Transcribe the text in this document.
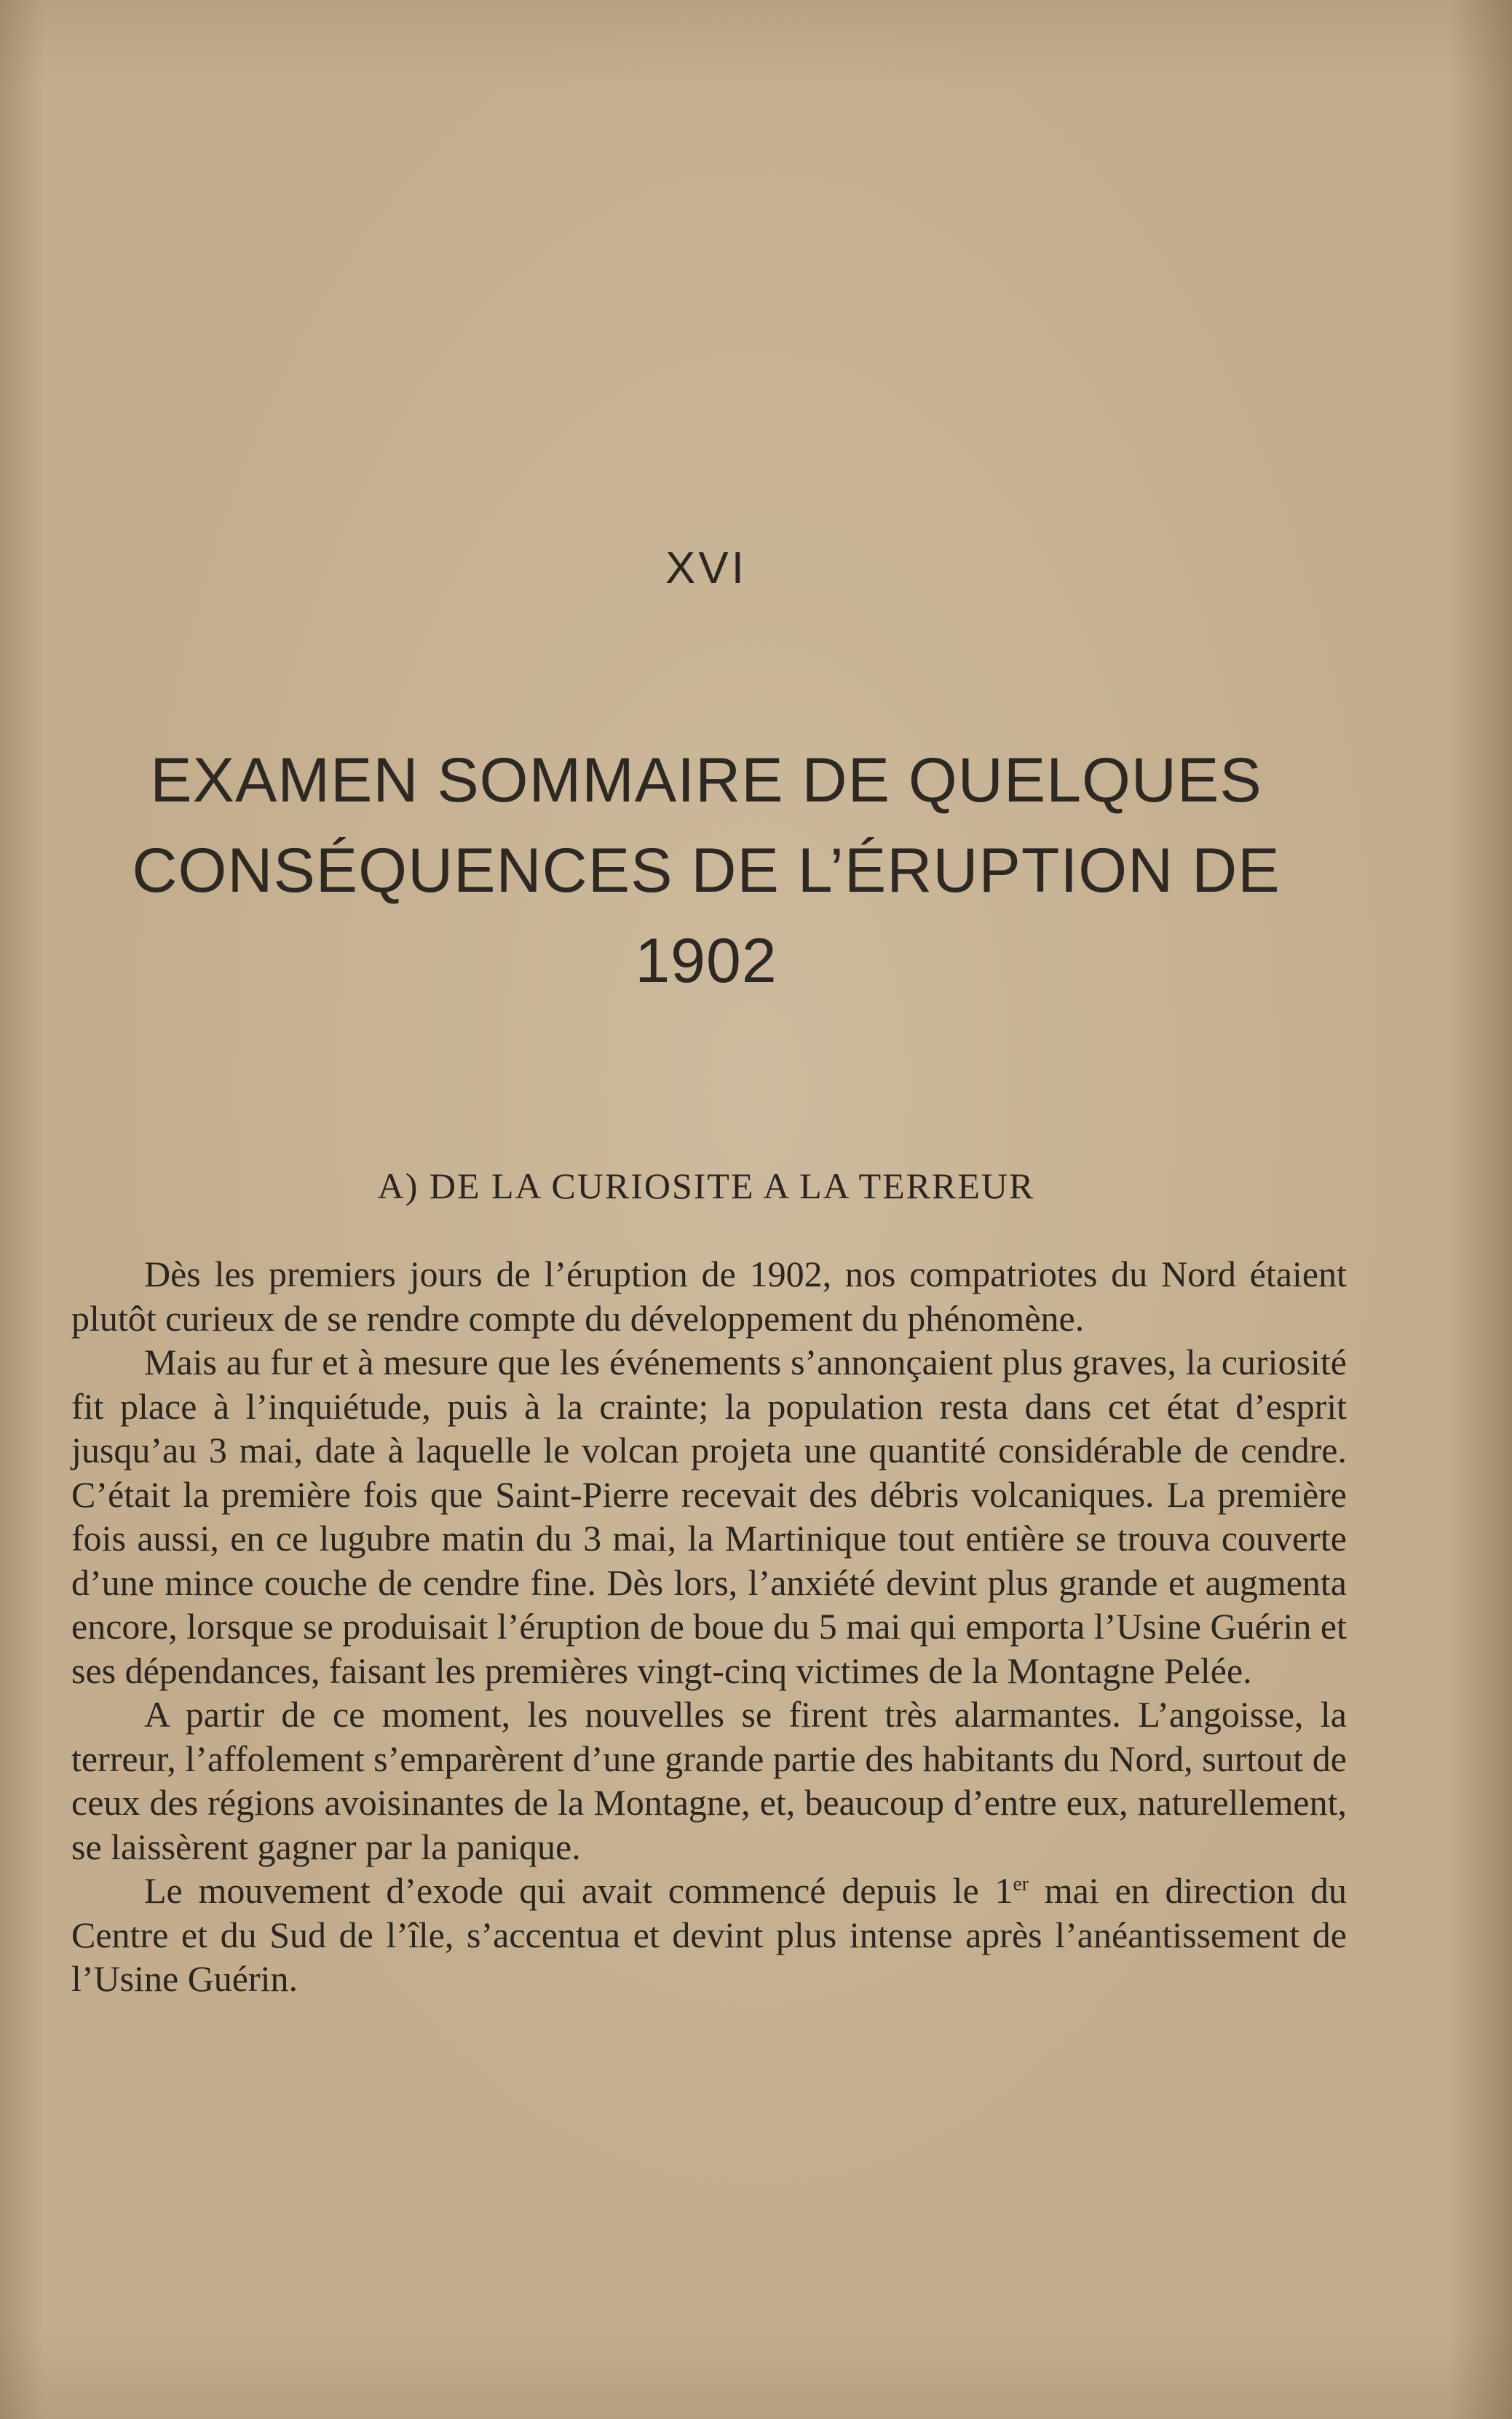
XVI
EXAMEN SOMMAIRE DE QUELQUES
CONSÉQUENCES DE L’ÉRUPTION DE 1902
A) DE LA CURIOSITE A LA TERREUR

Dès les premiers jours de l’éruption de 1902, nos compatriotes du Nord étaient plutôt curieux de se rendre compte du développement du phénomène.

Mais au fur et à mesure que les événements s’annonçaient plus graves, la curiosité fit place à l’inquiétude, puis à la crainte; la population resta dans cet état d’esprit jusqu’au 3 mai, date à laquelle le volcan projeta une quantité considérable de cendre. C’était la première fois que Saint-Pierre recevait des débris volcaniques. La première fois aussi, en ce lugubre matin du 3 mai, la Martinique tout entière se trouva couverte d’une mince couche de cendre fine. Dès lors, l’anxiété devint plus grande et augmenta encore, lorsque se produisait l’éruption de boue du 5 mai qui emporta l’Usine Guérin et ses dépendances, faisant les premières vingt-cinq victimes de la Montagne Pelée.

A partir de ce moment, les nouvelles se firent très alarmantes. L’angoisse, la terreur, l’affolement s’emparèrent d’une grande partie des habitants du Nord, surtout de ceux des régions avoisinantes de la Montagne, et, beaucoup d’entre eux, naturellement, se laissèrent gagner par la panique.

Le mouvement d’exode qui avait commencé depuis le 1er mai en direction du Centre et du Sud de l’île, s’accentua et devint plus intense après l’anéantissement de l’Usine Guérin.
